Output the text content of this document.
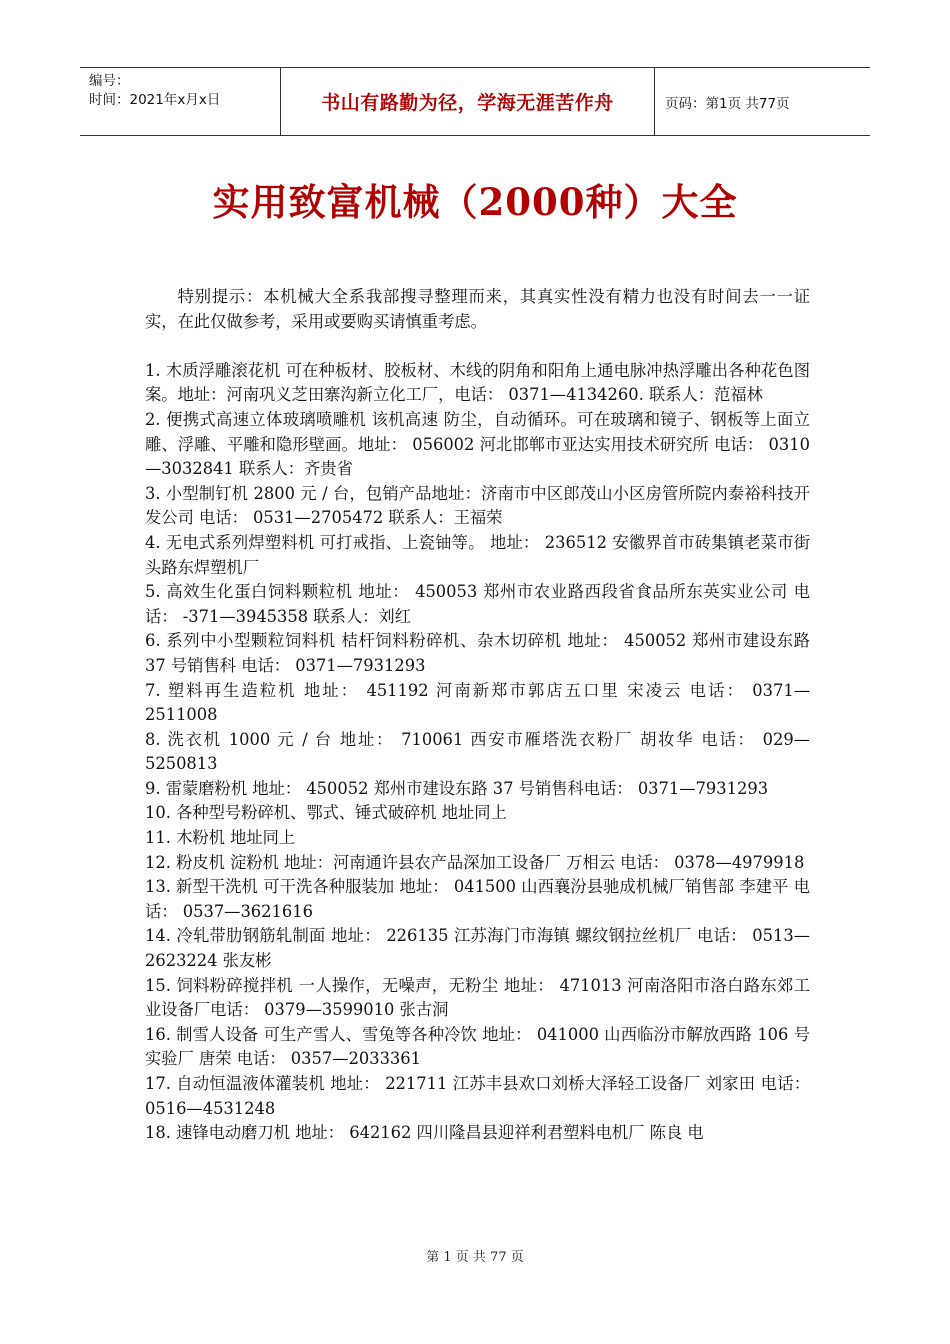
编号：
时间：2021年x月x日	书山有路勤为径，学海无涯苦作舟	页码：第1页 共77页
实用致富机械（2000种）大全

特别提示：本机械大全系我部搜寻整理而来，其真实性没有精力也没有时间去一一证实，在此仅做参考，采用或要购买请慎重考虑。

1. 木质浮雕滚花机 可在种板材、胶板材、木线的阴角和阳角上通电脉冲热浮雕出各种花色图案。地址：河南巩义芝田寨沟新立化工厂，电话： 0371—4134260. 联系人：范福林

2. 便携式高速立体玻璃喷雕机 该机高速 防尘，自动循环。可在玻璃和镜子、钢板等上面立雕、浮雕、平雕和隐形壁画。地址： 056002 河北邯郸市亚达实用技术研究所 电话： 0310—3032841 联系人：齐贵省

3. 小型制钉机 2800 元 / 台，包销产品地址：济南市中区郎茂山小区房管所院内泰裕科技开发公司 电话： 0531—2705472 联系人：王福荣

4. 无电式系列焊塑料机 可打戒指、上瓷铀等。 地址： 236512 安徽界首市砖集镇老菜市街头路东焊塑机厂

5. 高效生化蛋白饲料颗粒机 地址： 450053 郑州市农业路西段省食品所东英实业公司 电话： -371—3945358 联系人：刘红

6. 系列中小型颗粒饲料机 桔杆饲料粉碎机、杂木切碎机 地址： 450052 郑州市建设东路 37 号销售科 电话： 0371—7931293

7. 塑料再生造粒机 地址： 451192 河南新郑市郭店五口里 宋凌云 电话： 0371—2511008

8. 洗衣机 1000 元 / 台 地址： 710061 西安市雁塔洗衣粉厂 胡妆华 电话： 029—5250813

9. 雷蒙磨粉机 地址： 450052 郑州市建设东路 37 号销售科电话： 0371—7931293

10. 各种型号粉碎机、鄂式、锤式破碎机 地址同上

11. 木粉机 地址同上

12. 粉皮机 淀粉机 地址：河南通许县农产品深加工设备厂 万相云 电话： 0378—4979918

13. 新型干洗机 可干洗各种服装加 地址： 041500 山西襄汾县驰成机械厂销售部 李建平 电话： 0537—3621616

14. 冷轧带肋钢筋轧制面 地址： 226135 江苏海门市海镇 螺纹钢拉丝机厂 电话： 0513—2623224 张友彬

15. 饲料粉碎搅拌机 一人操作，无噪声，无粉尘 地址： 471013 河南洛阳市洛白路东郊工业设备厂电话： 0379—3599010 张古洞

16. 制雪人设备 可生产雪人、雪兔等各种冷饮 地址： 041000 山西临汾市解放西路 106 号实验厂 唐荣 电话： 0357—2033361

17. 自动恒温液体灌装机 地址： 221711 江苏丰县欢口刘桥大泽轻工设备厂 刘家田 电话： 0516—4531248

18. 速锋电动磨刀机 地址： 642162 四川隆昌县迎祥利君塑料电机厂 陈良 电

第 1 页 共 77 页
